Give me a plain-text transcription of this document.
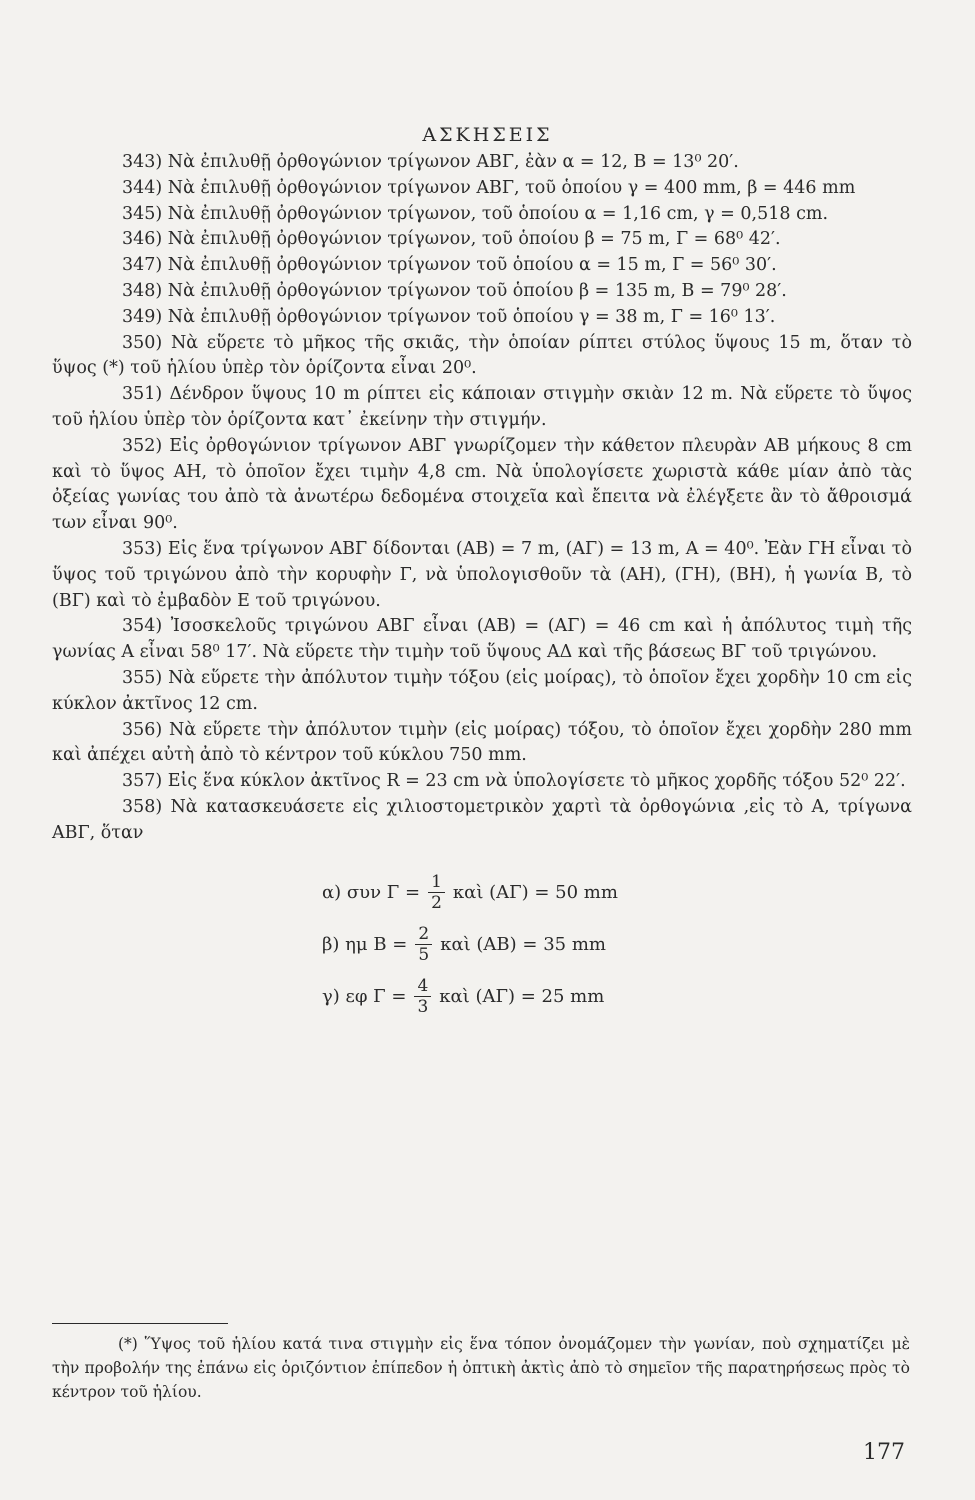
ΑΣΚΗΣΕΙΣ

343) Νὰ ἐπιλυθῇ ὀρθογώνιον τρίγωνον ΑΒΓ, ἐὰν α = 12, Β = 13⁰ 20′.

344) Νὰ ἐπιλυθῇ ὀρθογώνιον τρίγωνον ΑΒΓ, τοῦ ὁποίου γ = 400 mm, β = 446 mm

345) Νὰ ἐπιλυθῇ ὀρθογώνιον τρίγωνον, τοῦ ὁποίου α = 1,16 cm, γ = 0,518 cm.

346) Νὰ ἐπιλυθῇ ὀρθογώνιον τρίγωνον, τοῦ ὁποίου β = 75 m, Γ = 68⁰ 42′.

347) Νὰ ἐπιλυθῇ ὀρθογώνιον τρίγωνον τοῦ ὁποίου α = 15 m, Γ = 56⁰ 30′.

348) Νὰ ἐπιλυθῇ ὀρθογώνιον τρίγωνον τοῦ ὁποίου β = 135 m, Β = 79⁰ 28′.

349) Νὰ ἐπιλυθῇ ὀρθογώνιον τρίγωνον τοῦ ὁποίου γ = 38 m, Γ = 16⁰ 13′.

350) Νὰ εὕρετε τὸ μῆκος τῆς σκιᾶς, τὴν ὁποίαν ρίπτει στύλος ὕψους 15 m, ὅταν τὸ ὕψος (*) τοῦ ἡλίου ὑπὲρ τὸν ὁρίζοντα εἶναι 20⁰.

351) Δένδρον ὕψους 10 m ρίπτει εἰς κάποιαν στιγμὴν σκιὰν 12 m. Νὰ εὕρετε τὸ ὕψος τοῦ ἡλίου ὑπὲρ τὸν ὁρίζοντα κατ᾽ ἐκείνην τὴν στιγμήν.

352) Εἰς ὀρθογώνιον τρίγωνον ΑΒΓ γνωρίζομεν τὴν κάθετον πλευρὰν ΑΒ μήκους 8 cm καὶ τὸ ὕψος ΑΗ, τὸ ὁποῖον ἔχει τιμὴν 4,8 cm. Νὰ ὑπολογίσετε χωριστὰ κάθε μίαν ἀπὸ τὰς ὀξείας γωνίας του ἀπὸ τὰ ἀνωτέρω δεδομένα στοιχεῖα καὶ ἔπειτα νὰ ἐλέγξετε ἂν τὸ ἄθροισμά των εἶναι 90⁰.

353) Εἰς ἕνα τρίγωνον ΑΒΓ δίδονται (ΑΒ) = 7 m, (ΑΓ) = 13 m, Α = 40⁰. Ἐὰν ΓΗ εἶναι τὸ ὕψος τοῦ τριγώνου ἀπὸ τὴν κορυφὴν Γ, νὰ ὑπολογισθοῦν τὰ (ΑΗ), (ΓΗ), (ΒΗ), ἡ γωνία Β, τὸ (ΒΓ) καὶ τὸ ἐμβαδὸν Ε τοῦ τριγώνου.

354) Ἰσοσκελοῦς τριγώνου ΑΒΓ εἶναι (ΑΒ) = (ΑΓ) = 46 cm καὶ ἡ ἀπόλυτος τιμὴ τῆς γωνίας Α εἶναι 58⁰ 17′. Νὰ εὕρετε τὴν τιμὴν τοῦ ὕψους ΑΔ καὶ τῆς βάσεως ΒΓ τοῦ τριγώνου.

355) Νὰ εὕρετε τὴν ἀπόλυτον τιμὴν τόξου (εἰς μοίρας), τὸ ὁποῖον ἔχει χορδὴν 10 cm εἰς κύκλον ἀκτῖνος 12 cm.

356) Νὰ εὕρετε τὴν ἀπόλυτον τιμὴν (εἰς μοίρας) τόξου, τὸ ὁποῖον ἔχει χορδὴν 280 mm καὶ ἀπέχει αὐτὴ ἀπὸ τὸ κέντρον τοῦ κύκλου 750 mm.

357) Εἰς ἕνα κύκλον ἀκτῖνος R = 23 cm νὰ ὑπολογίσετε τὸ μῆκος χορδῆς τόξου 52⁰ 22′.

358) Νὰ κατασκευάσετε εἰς χιλιοστομετρικὸν χαρτὶ τὰ ὀρθογώνια ,εἰς τὸ Α, τρίγωνα ΑΒΓ, ὅταν

α) συν $\Gamma = \frac{1}{2}$ καὶ (ΑΓ) = 50 mm
β) ημ $B = \frac{2}{5}$ καὶ (ΑΒ) = 35 mm
γ) εφ $\Gamma = \frac{4}{3}$ καὶ (ΑΓ) = 25 mm

(*) Ὕψος τοῦ ἡλίου κατά τινα στιγμὴν εἰς ἕνα τόπον ὀνομάζομεν τὴν γωνίαν, ποὺ σχηματίζει μὲ τὴν προβολήν της ἐπάνω εἰς ὁριζόντιον ἐπίπεδον ἡ ὀπτικὴ ἀκτὶς ἀπὸ τὸ σημεῖον τῆς παρατηρήσεως πρὸς τὸ κέντρον τοῦ ἡλίου.

177
